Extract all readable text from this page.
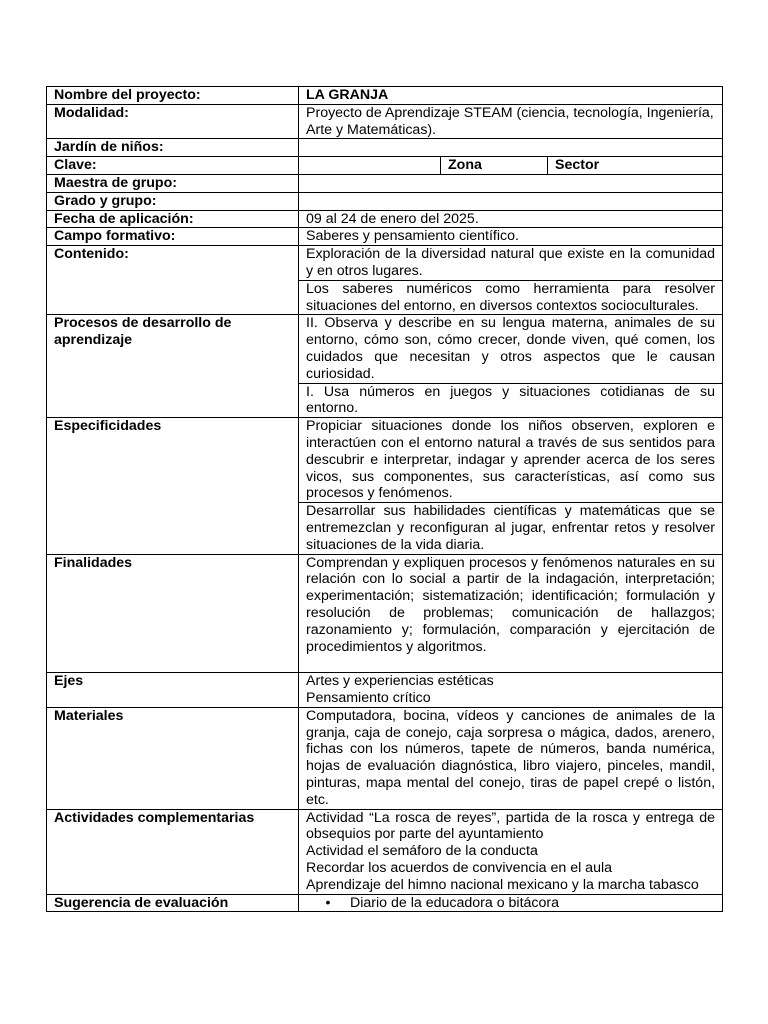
Nombre del proyecto:	LA GRANJA		
Modalidad:	Proyecto de Aprendizaje STEAM (ciencia, tecnología, Ingeniería, Arte y Matemáticas).		
Jardín de niños:			
Clave:		Zona	Sector
Maestra de grupo:			
Grado y grupo:			
Fecha de aplicación:	09 al 24 de enero del 2025.		
Campo formativo:	Saberes y pensamiento científico.		
Contenido:	Exploración de la diversidad natural que existe en la comunidad y en otros lugares.		
	Los saberes numéricos como herramienta para resolver situaciones del entorno, en diversos contextos socioculturales.		
Procesos de desarrollo de aprendizaje	II. Observa y describe en su lengua materna, animales de su entorno, cómo son, cómo crecer, donde viven, qué comen, los cuidados que necesitan y otros aspectos que le causan curiosidad.		
	I. Usa números en juegos y situaciones cotidianas de su entorno.		
Especificidades	Propiciar situaciones donde los niños observen, exploren e interactúen con el entorno natural a través de sus sentidos para descubrir e interpretar, indagar y aprender acerca de los seres vicos, sus componentes, sus características, así como sus procesos y fenómenos.		
	Desarrollar sus habilidades científicas y matemáticas que se entremezclan y reconfiguran al jugar, enfrentar retos y resolver situaciones de la vida diaria.		
Finalidades	Comprendan y expliquen procesos y fenómenos naturales en su relación con lo social a partir de la indagación, interpretación; experimentación; sistematización; identificación; formulación y resolución de problemas; comunicación de hallazgos; razonamiento y; formulación, comparación y ejercitación de procedimientos y algoritmos.		

Ejes	Artes y experiencias estéticas
Pensamiento crítico		

Materiales	Computadora, bocina, vídeos y canciones de animales de la granja, caja de conejo, caja sorpresa o mágica, dados, arenero, fichas con los números, tapete de números, banda numérica, hojas de evaluación diagnóstica, libro viajero, pinceles, mandil, pinturas, mapa mental del conejo, tiras de papel crepé o listón, etc.		
Actividades complementarias	Actividad “La rosca de reyes”, partida de la rosca y entrega de obsequios por parte del ayuntamiento
Actividad el semáforo de la conducta
Recordar los acuerdos de convivencia en el aula
Aprendizaje del himno nacional mexicano y la marcha tabasco		

Sugerencia de evaluación	• Diario de la educadora o bitácora		
